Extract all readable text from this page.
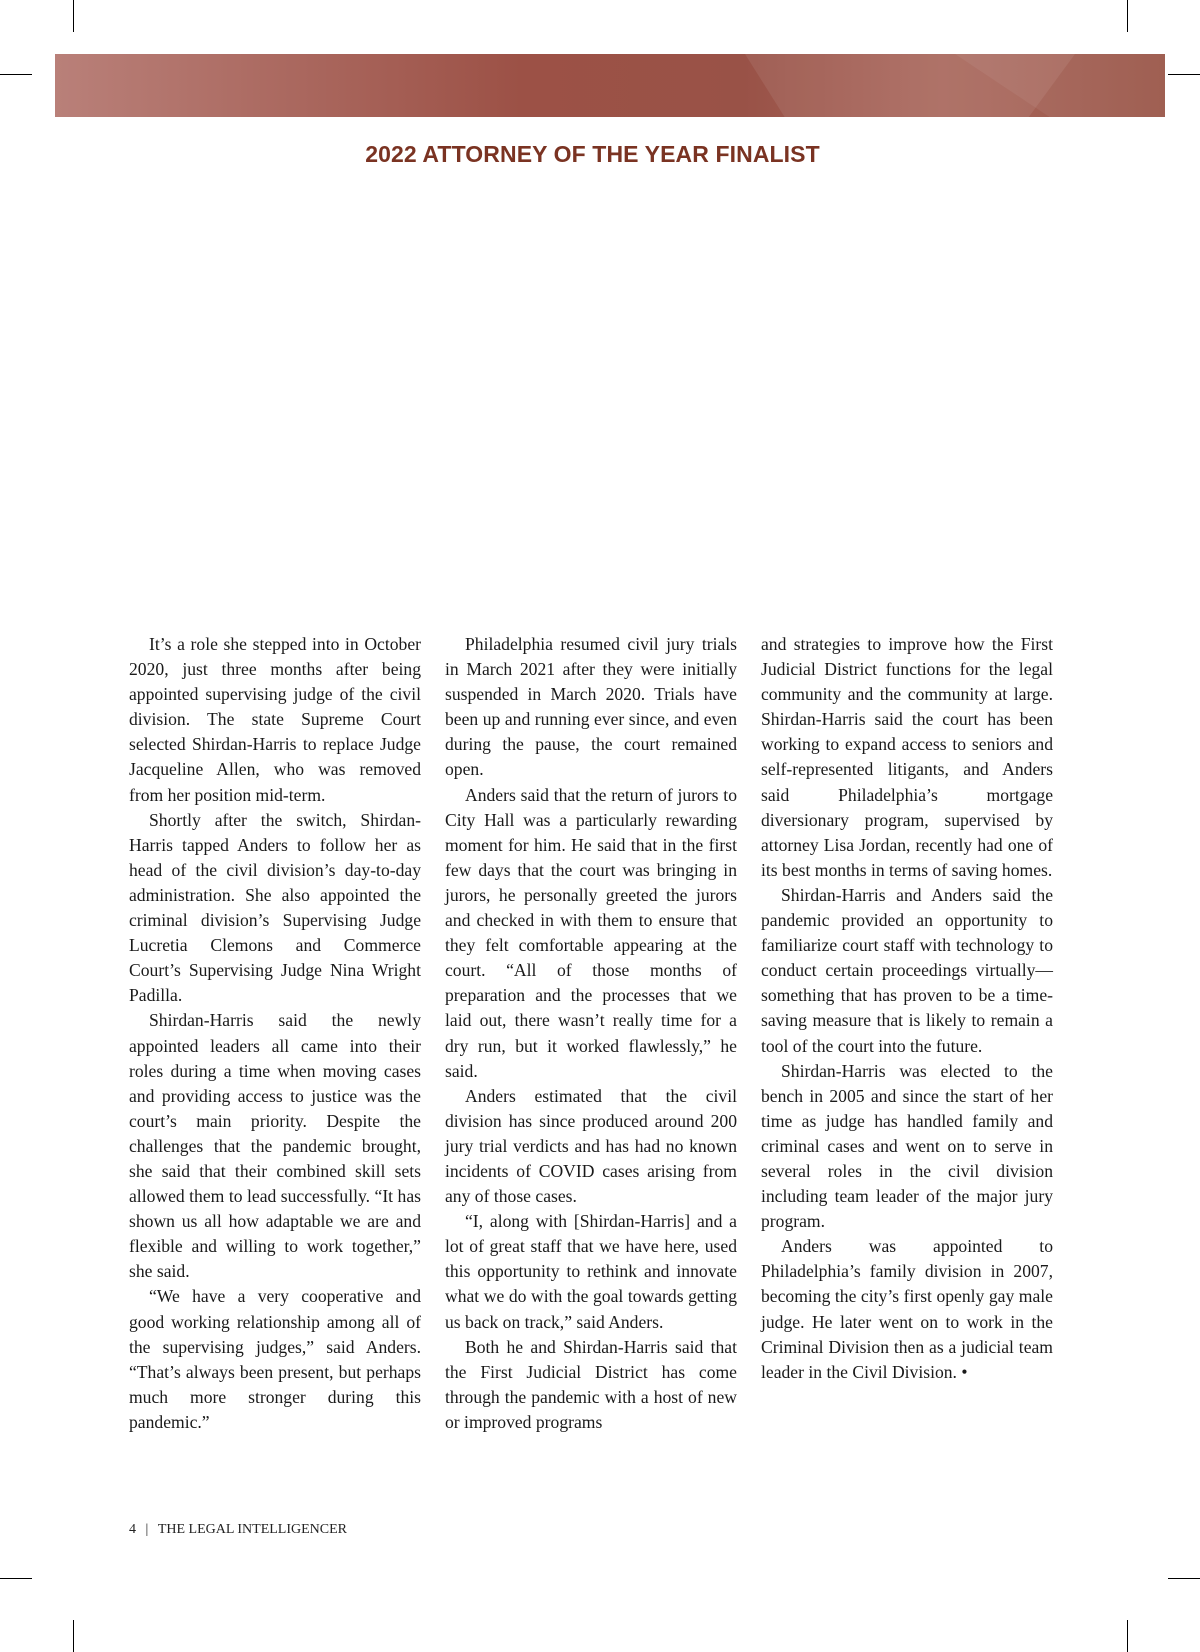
2022 ATTORNEY OF THE YEAR FINALIST

It’s a role she stepped into in October 2020, just three months after being appointed supervising judge of the civil division. The state Supreme Court selected Shirdan-Harris to replace Judge Jacqueline Allen, who was removed from her position mid-term.

Shortly after the switch, Shirdan-Harris tapped Anders to follow her as head of the civil division’s day-to-day administration. She also appointed the criminal division’s Supervising Judge Lucretia Clemons and Commerce Court’s Supervising Judge Nina Wright Padilla.

Shirdan-Harris said the newly appointed leaders all came into their roles during a time when moving cases and providing access to justice was the court’s main priority. Despite the challenges that the pandemic brought, she said that their combined skill sets allowed them to lead successfully. “It has shown us all how adaptable we are and flexible and willing to work together,” she said.

“We have a very cooperative and good working relationship among all of the supervising judges,” said Anders. “That’s always been present, but perhaps much more stronger during this pandemic.”

Philadelphia resumed civil jury trials in March 2021 after they were initially suspended in March 2020. Trials have been up and running ever since, and even during the pause, the court remained open.

Anders said that the return of jurors to City Hall was a particularly rewarding moment for him. He said that in the first few days that the court was bringing in jurors, he personally greeted the jurors and checked in with them to ensure that they felt comfortable appearing at the court. “All of those months of preparation and the processes that we laid out, there wasn’t really time for a dry run, but it worked flawlessly,” he said.

Anders estimated that the civil division has since produced around 200 jury trial verdicts and has had no known incidents of COVID cases arising from any of those cases.

“I, along with [Shirdan-Harris] and a lot of great staff that we have here, used this opportunity to rethink and innovate what we do with the goal towards getting us back on track,” said Anders.

Both he and Shirdan-Harris said that the First Judicial District has come through the pandemic with a host of new or improved programs

and strategies to improve how the First Judicial District functions for the legal community and the community at large. Shirdan-Harris said the court has been working to expand access to seniors and self-represented litigants, and Anders said Philadelphia’s mortgage diversionary program, supervised by attorney Lisa Jordan, recently had one of its best months in terms of saving homes.

Shirdan-Harris and Anders said the pandemic provided an opportunity to familiarize court staff with technology to conduct certain proceedings virtually—something that has proven to be a time-saving measure that is likely to remain a tool of the court into the future.

Shirdan-Harris was elected to the bench in 2005 and since the start of her time as judge has handled family and criminal cases and went on to serve in several roles in the civil division including team leader of the major jury program.

Anders was appointed to Philadelphia’s family division in 2007, becoming the city’s first openly gay male judge. He later went on to work in the Criminal Division then as a judicial team leader in the Civil Division. •

4 | THE LEGAL INTELLIGENCER
